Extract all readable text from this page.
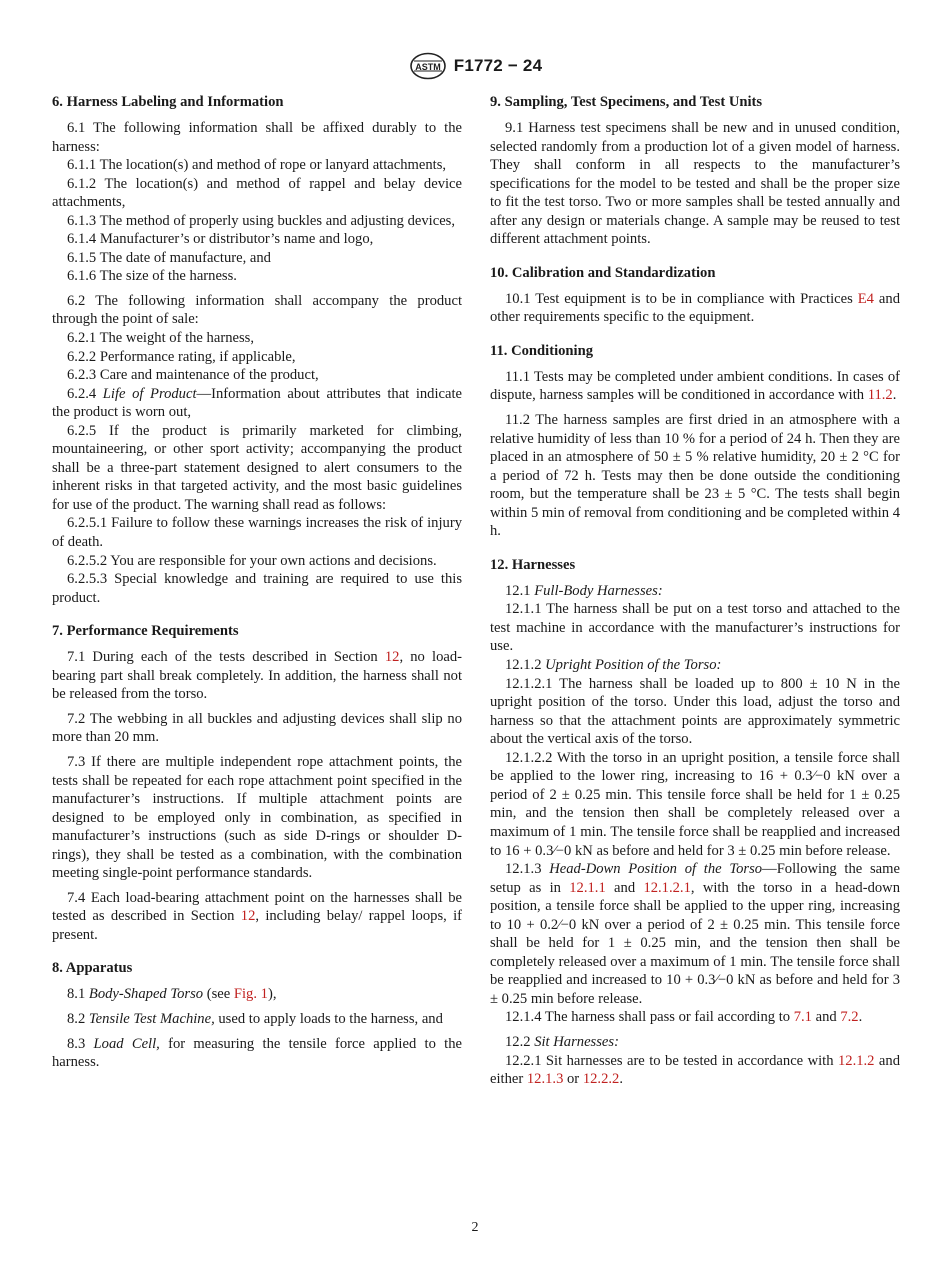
ASTM F1772 − 24
6. Harness Labeling and Information

6.1 The following information shall be affixed durably to the harness:

6.1.1 The location(s) and method of rope or lanyard attachments,

6.1.2 The location(s) and method of rappel and belay device attachments,

6.1.3 The method of properly using buckles and adjusting devices,

6.1.4 Manufacturer’s or distributor’s name and logo,

6.1.5 The date of manufacture, and

6.1.6 The size of the harness.

6.2 The following information shall accompany the product through the point of sale:

6.2.1 The weight of the harness,

6.2.2 Performance rating, if applicable,

6.2.3 Care and maintenance of the product,

6.2.4 Life of Product—Information about attributes that indicate the product is worn out,

6.2.5 If the product is primarily marketed for climbing, mountaineering, or other sport activity; accompanying the product shall be a three-part statement designed to alert consumers to the inherent risks in that targeted activity, and the most basic guidelines for use of the product. The warning shall read as follows:

6.2.5.1 Failure to follow these warnings increases the risk of injury of death.

6.2.5.2 You are responsible for your own actions and decisions.

6.2.5.3 Special knowledge and training are required to use this product.

7. Performance Requirements

7.1 During each of the tests described in Section 12, no load-bearing part shall break completely. In addition, the harness shall not be released from the torso.

7.2 The webbing in all buckles and adjusting devices shall slip no more than 20 mm.

7.3 If there are multiple independent rope attachment points, the tests shall be repeated for each rope attachment point specified in the manufacturer’s instructions. If multiple attachment points are designed to be employed only in combination, as specified in manufacturer’s instructions (such as side D-rings or shoulder D-rings), they shall be tested as a combination, with the combination meeting single-point performance standards.

7.4 Each load-bearing attachment point on the harnesses shall be tested as described in Section 12, including belay/ rappel loops, if present.

8. Apparatus

8.1 Body-Shaped Torso (see Fig. 1),

8.2 Tensile Test Machine, used to apply loads to the harness, and

8.3 Load Cell, for measuring the tensile force applied to the harness.

9. Sampling, Test Specimens, and Test Units

9.1 Harness test specimens shall be new and in unused condition, selected randomly from a production lot of a given model of harness. They shall conform in all respects to the manufacturer’s specifications for the model to be tested and shall be the proper size to fit the test torso. Two or more samples shall be tested annually and after any design or materials change. A sample may be reused to test different attachment points.

10. Calibration and Standardization

10.1 Test equipment is to be in compliance with Practices E4 and other requirements specific to the equipment.

11. Conditioning

11.1 Tests may be completed under ambient conditions. In cases of dispute, harness samples will be conditioned in accordance with 11.2.

11.2 The harness samples are first dried in an atmosphere with a relative humidity of less than 10 % for a period of 24 h. Then they are placed in an atmosphere of 50 ± 5 % relative humidity, 20 ± 2 °C for a period of 72 h. Tests may then be done outside the conditioning room, but the temperature shall be 23 ± 5 °C. The tests shall begin within 5 min of removal from conditioning and be completed within 4 h.

12. Harnesses

12.1 Full-Body Harnesses:

12.1.1 The harness shall be put on a test torso and attached to the test machine in accordance with the manufacturer’s instructions for use.

12.1.2 Upright Position of the Torso:

12.1.2.1 The harness shall be loaded up to 800 ± 10 N in the upright position of the torso. Under this load, adjust the torso and harness so that the attachment points are approximately symmetric about the vertical axis of the torso.

12.1.2.2 With the torso in an upright position, a tensile force shall be applied to the lower ring, increasing to 16 + 0.3⁄−0 kN over a period of 2 ± 0.25 min. This tensile force shall be held for 1 ± 0.25 min, and the tension then shall be completely released over a maximum of 1 min. The tensile force shall be reapplied and increased to 16 + 0.3⁄−0 kN as before and held for 3 ± 0.25 min before release.

12.1.3 Head-Down Position of the Torso—Following the same setup as in 12.1.1 and 12.1.2.1, with the torso in a head-down position, a tensile force shall be applied to the upper ring, increasing to 10 + 0.2⁄−0 kN over a period of 2 ± 0.25 min. This tensile force shall be held for 1 ± 0.25 min, and the tension then shall be completely released over a maximum of 1 min. The tensile force shall be reapplied and increased to 10 + 0.3⁄−0 kN as before and held for 3 ± 0.25 min before release.

12.1.4 The harness shall pass or fail according to 7.1 and 7.2.

12.2 Sit Harnesses:

12.2.1 Sit harnesses are to be tested in accordance with 12.1.2 and either 12.1.3 or 12.2.2.

2
